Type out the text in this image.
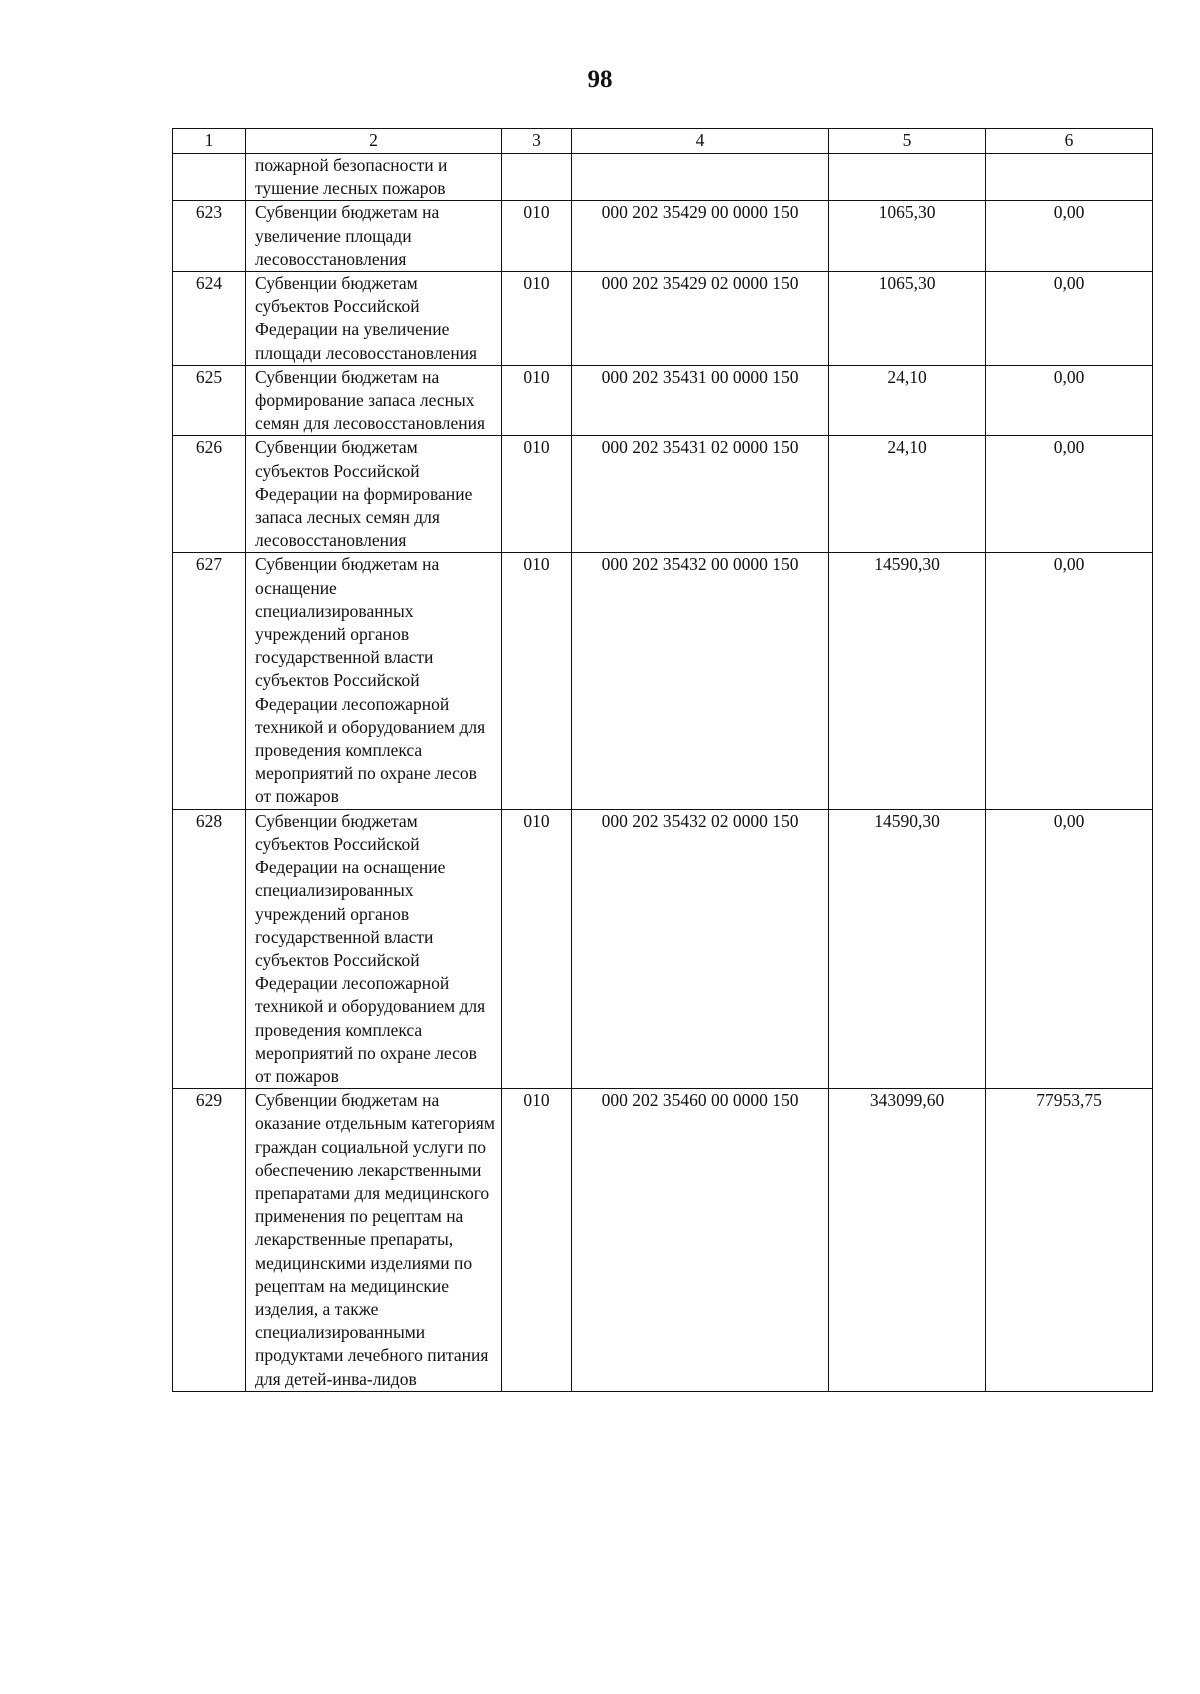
98
1	2	3	4	5	6
	пожарной безопасности и тушение лесных пожаров				
623	Субвенции бюджетам на увеличение площади лесовосстановления	010	000 202 35429 00 0000 150	1065,30	0,00
624	Субвенции бюджетам субъектов Российской Федерации на увеличение площади лесовосстановления	010	000 202 35429 02 0000 150	1065,30	0,00
625	Субвенции бюджетам на формирование запаса лесных семян для лесовосстановления	010	000 202 35431 00 0000 150	24,10	0,00
626	Субвенции бюджетам субъектов Российской Федерации на формирование запаса лесных семян для лесовосстановления	010	000 202 35431 02 0000 150	24,10	0,00
627	Субвенции бюджетам на оснащение специализированных учреждений органов государственной власти субъектов Российской Федерации лесопожарной техникой и оборудованием для проведения комплекса мероприятий по охране лесов от пожаров	010	000 202 35432 00 0000 150	14590,30	0,00
628	Субвенции бюджетам субъектов Российской Федерации на оснащение специализированных учреждений органов государственной власти субъектов Российской Федерации лесопожарной техникой и оборудованием для проведения комплекса мероприятий по охране лесов от пожаров	010	000 202 35432 02 0000 150	14590,30	0,00
629	Субвенции бюджетам на оказание отдельным категориям граждан социальной услуги по обеспечению лекарственными препаратами для медицинского применения по рецептам на лекарственные препараты, медицинскими изделиями по рецептам на медицинские изделия, а также специализированными продуктами лечебного питания для детей-инва-лидов	010	000 202 35460 00 0000 150	343099,60	77953,75
